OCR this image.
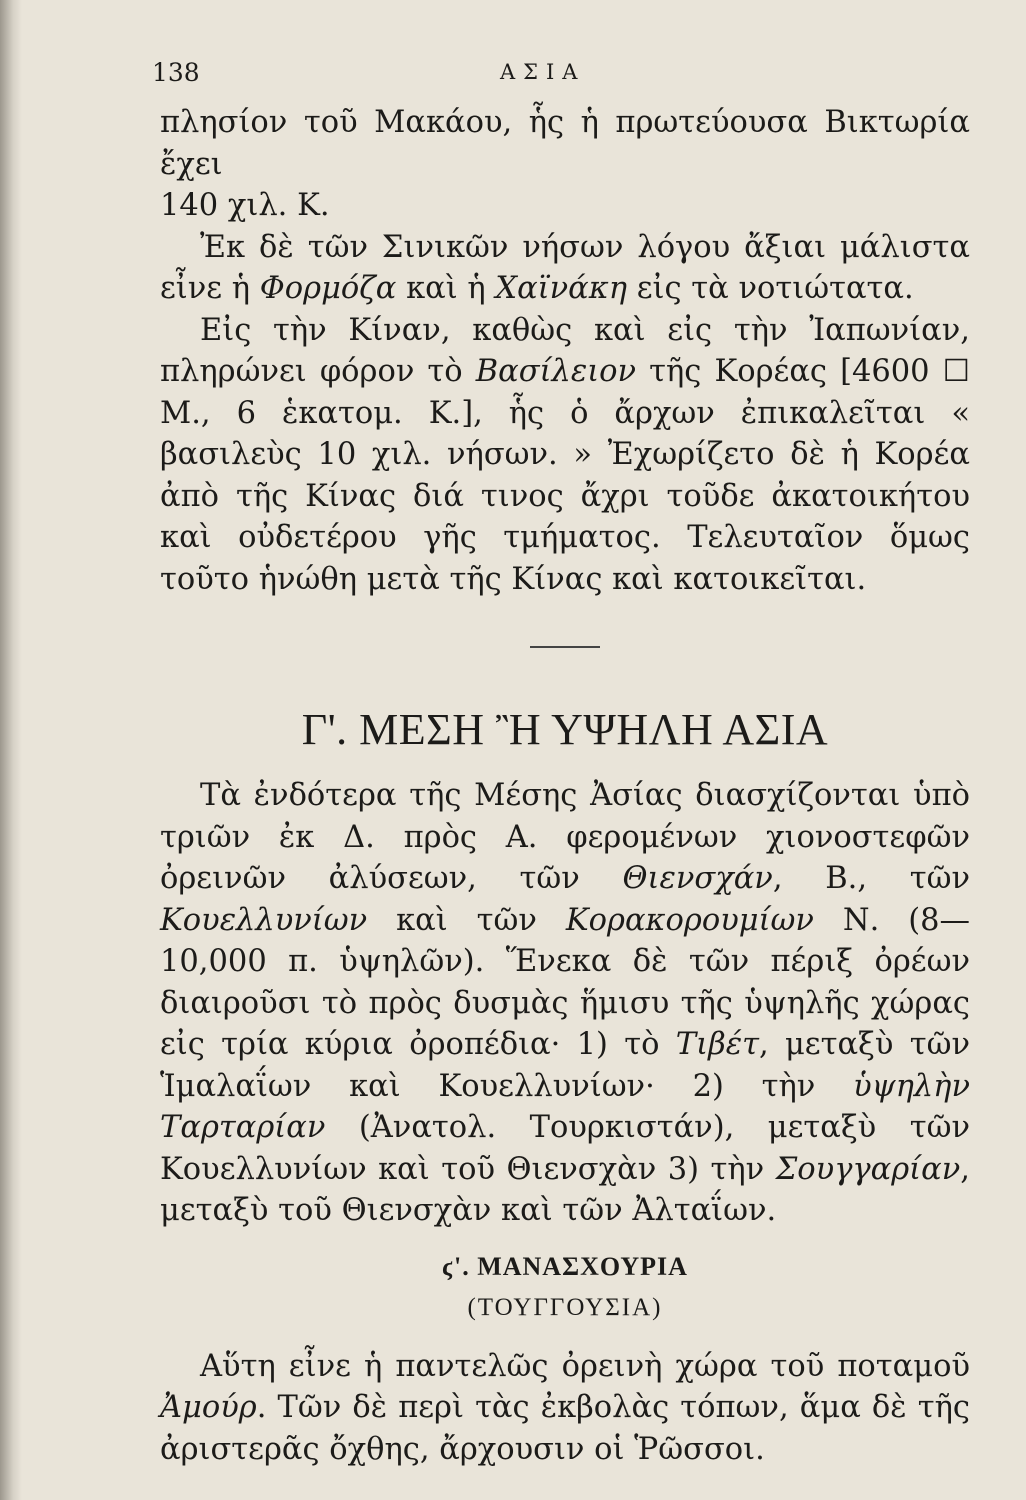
138	ΑΣΙΑ

πλησίον τοῦ Μακάου, ἧς ἡ πρωτεύουσα Βικτωρία ἔχει
140 χιλ. Κ.

Ἐκ δὲ τῶν Σινικῶν νήσων λόγου ἄξιαι μάλιστα εἶνε ἡ Φορμόζα καὶ ἡ Χαϊνάκη εἰς τὰ νοτιώτατα.

Εἰς τὴν Κίναν, καθὼς καὶ εἰς τὴν Ἰαπωνίαν, πληρώνει φόρον τὸ Βασίλειον τῆς Κορέας [4600 ☐ Μ., 6 ἑκατομ. Κ.], ἧς ὁ ἄρχων ἐπικαλεῖται « βασιλεὺς 10 χιλ. νήσων. » Ἐχωρίζετο δὲ ἡ Κορέα ἀπὸ τῆς Κίνας διά τινος ἄχρι τοῦδε ἀκατοικήτου καὶ οὐδετέρου γῆς τμήματος. Τελευταῖον ὅμως τοῦτο ἡνώθη μετὰ τῆς Κίνας καὶ κατοικεῖται.

Γ'. ΜΕΣΗ Ἢ ΥΨΗΛΗ ΑΣΙΑ

Τὰ ἐνδότερα τῆς Μέσης Ἀσίας διασχίζονται ὑπὸ τριῶν ἐκ Δ. πρὸς Α. φερομένων χιονοστεφῶν ὀρεινῶν ἀλύσεων, τῶν Θιενσχάν, Β., τῶν Κουελλυνίων καὶ τῶν Κορακορουμίων Ν. (8—10,000 π. ὑψηλῶν). Ἕνεκα δὲ τῶν πέριξ ὀρέων διαιροῦσι τὸ πρὸς δυσμὰς ἥμισυ τῆς ὑψηλῆς χώρας εἰς τρία κύρια ὀροπέδια· 1) τὸ Τιβέτ, μεταξὺ τῶν Ἱμαλαΐων καὶ Κουελλυνίων· 2) τὴν ὑψηλὴν Ταρταρίαν (Ἀνατολ. Τουρκιστάν), μεταξὺ τῶν Κουελλυνίων καὶ τοῦ Θιενσχὰν 3) τὴν Σουγγαρίαν, μεταξὺ τοῦ Θιενσχὰν καὶ τῶν Ἀλταΐων.

ϛ'. ΜΑΝΑΣΧΟΥΡΙΑ
(ΤΟΥΓΓΟΥΣΙΑ)

Αὕτη εἶνε ἡ παντελῶς ὀρεινὴ χώρα τοῦ ποταμοῦ Ἀμούρ. Τῶν δὲ περὶ τὰς ἐκβολὰς τόπων, ἅμα δὲ τῆς ἀριστερᾶς ὄχθης, ἄρχουσιν οἱ Ῥῶσσοι.
